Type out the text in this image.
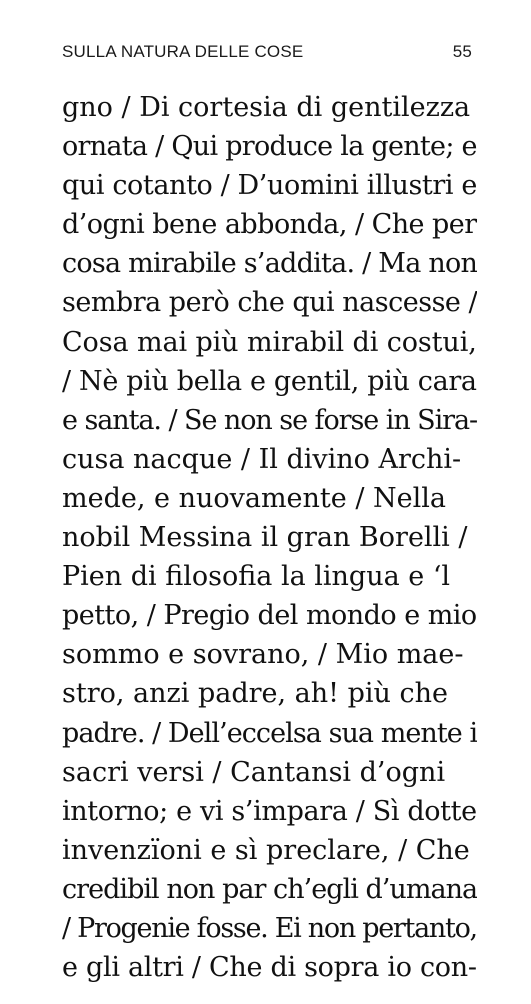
SULLA NATURA DELLE COSE	55
gno / Di cortesia di gentilezza
ornata / Qui produce la gente; e
qui cotanto / D’uomini illustri e
d’ogni bene abbonda, / Che per
cosa mirabile s’addita. / Ma non
sembra però che qui nascesse /
Cosa mai più mirabil di costui,
/ Nè più bella e gentil, più cara
e santa. / Se non se forse in Sira-
cusa nacque / Il divino Archi-
mede, e nuovamente / Nella
nobil Messina il gran Borelli /
Pien di filosofia la lingua e ‘l
petto, / Pregio del mondo e mio
sommo e sovrano, / Mio mae-
stro, anzi padre, ah! più che
padre. / Dell’eccelsa sua mente i
sacri versi / Cantansi d’ogni
intorno; e vi s’impara / Sì dotte
invenzïoni e sì preclare, / Che
credibil non par ch’egli d’umana
/ Progenie fosse. Ei non pertanto,
e gli altri / Che di sopra io con-
